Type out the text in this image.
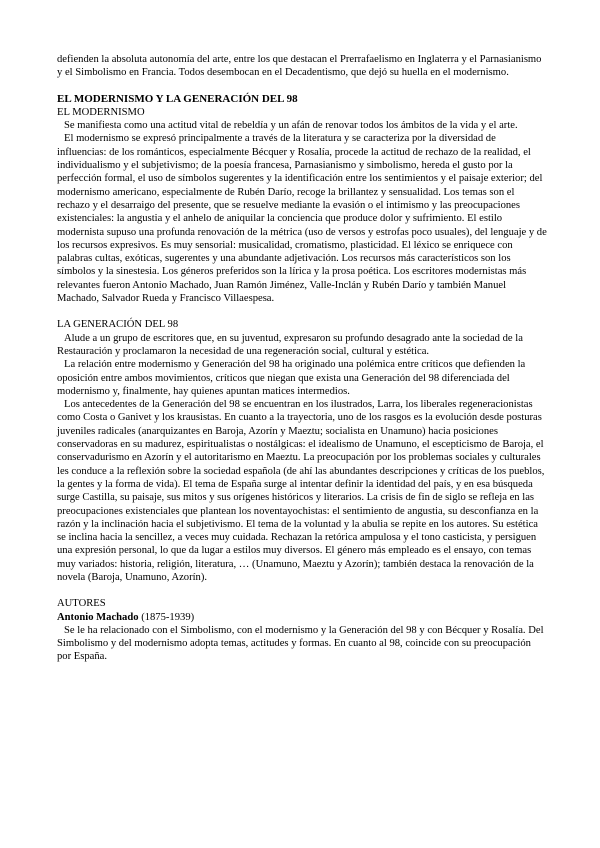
defienden la absoluta autonomía del arte, entre los que destacan el Prerrafaelismo en Inglaterra y el Parnasianismo y el Simbolismo en Francia. Todos desembocan en el Decadentismo, que dejó su huella en el modernismo.

EL MODERNISMO Y LA GENERACIÓN DEL 98

EL MODERNISMO

Se manifiesta como una actitud vital de rebeldía y un afán de renovar todos los ámbitos de la vida y el arte.

El modernismo se expresó principalmente a través de la literatura y se caracteriza por la diversidad de influencias: de los románticos, especialmente Bécquer y Rosalía, procede la actitud de rechazo de la realidad, el individualismo y el subjetivismo; de la poesía francesa, Parnasianismo y simbolismo, hereda el gusto por la perfección formal, el uso de símbolos sugerentes y la identificación entre los sentimientos y el paisaje exterior; del modernismo americano, especialmente de Rubén Darío, recoge la brillantez y sensualidad. Los temas son el rechazo y el desarraigo del presente, que se resuelve mediante la evasión o el intimismo y las preocupaciones existenciales: la angustia y el anhelo de aniquilar la conciencia que produce dolor y sufrimiento. El estilo modernista supuso una profunda renovación de la métrica (uso de versos y estrofas poco usuales), del lenguaje y de los recursos expresivos. Es muy sensorial: musicalidad, cromatismo, plasticidad. El léxico se enriquece con palabras cultas, exóticas, sugerentes y una abundante adjetivación. Los recursos más característicos son los símbolos y la sinestesia. Los géneros preferidos son la lírica y la prosa poética. Los escritores modernistas más relevantes fueron Antonio Machado, Juan Ramón Jiménez, Valle-Inclán y Rubén Darío y también Manuel Machado, Salvador Rueda y Francisco Villaespesa.

LA GENERACIÓN DEL 98

Alude a un grupo de escritores que, en su juventud, expresaron su profundo desagrado ante la sociedad de la Restauración y proclamaron la necesidad de una regeneración social, cultural y estética.

La relación entre modernismo y Generación del 98 ha originado una polémica entre críticos que defienden la oposición entre ambos movimientos, críticos que niegan que exista una Generación del 98 diferenciada del modernismo y, finalmente, hay quienes apuntan matices intermedios.

Los antecedentes de la Generación del 98 se encuentran en los ilustrados, Larra, los liberales regeneracionistas como Costa o Ganivet y los krausistas. En cuanto a la trayectoria, uno de los rasgos es la evolución desde posturas juveniles radicales (anarquizantes en Baroja, Azorín y Maeztu; socialista en Unamuno) hacia posiciones conservadoras en su madurez, espiritualistas o nostálgicas: el idealismo de Unamuno, el escepticismo de Baroja, el conservadurismo en Azorín y el autoritarismo en Maeztu. La preocupación por los problemas sociales y culturales les conduce a la reflexión sobre la sociedad española (de ahí las abundantes descripciones y críticas de los pueblos, la gentes y la forma de vida). El tema de España surge al intentar definir la identidad del país, y en esa búsqueda surge Castilla, su paisaje, sus mitos y sus orígenes históricos y literarios. La crisis de fin de siglo se refleja en las preocupaciones existenciales que plantean los noventayochistas: el sentimiento de angustia, su desconfianza en la razón y la inclinación hacia el subjetivismo. El tema de la voluntad y la abulia se repite en los autores. Su estética se inclina hacia la sencillez, a veces muy cuidada. Rechazan la retórica ampulosa y el tono casticista, y persiguen una expresión personal, lo que da lugar a estilos muy diversos. El género más empleado es el ensayo, con temas muy variados: historia, religión, literatura, … (Unamuno, Maeztu y Azorín); también destaca la renovación de la novela (Baroja, Unamuno, Azorín).

AUTORES

Antonio Machado (1875-1939)

Se le ha relacionado con el Simbolismo, con el modernismo y la Generación del 98 y con Bécquer y Rosalía. Del Simbolismo y del modernismo adopta temas, actitudes y formas. En cuanto al 98, coincide con su preocupación por España.
